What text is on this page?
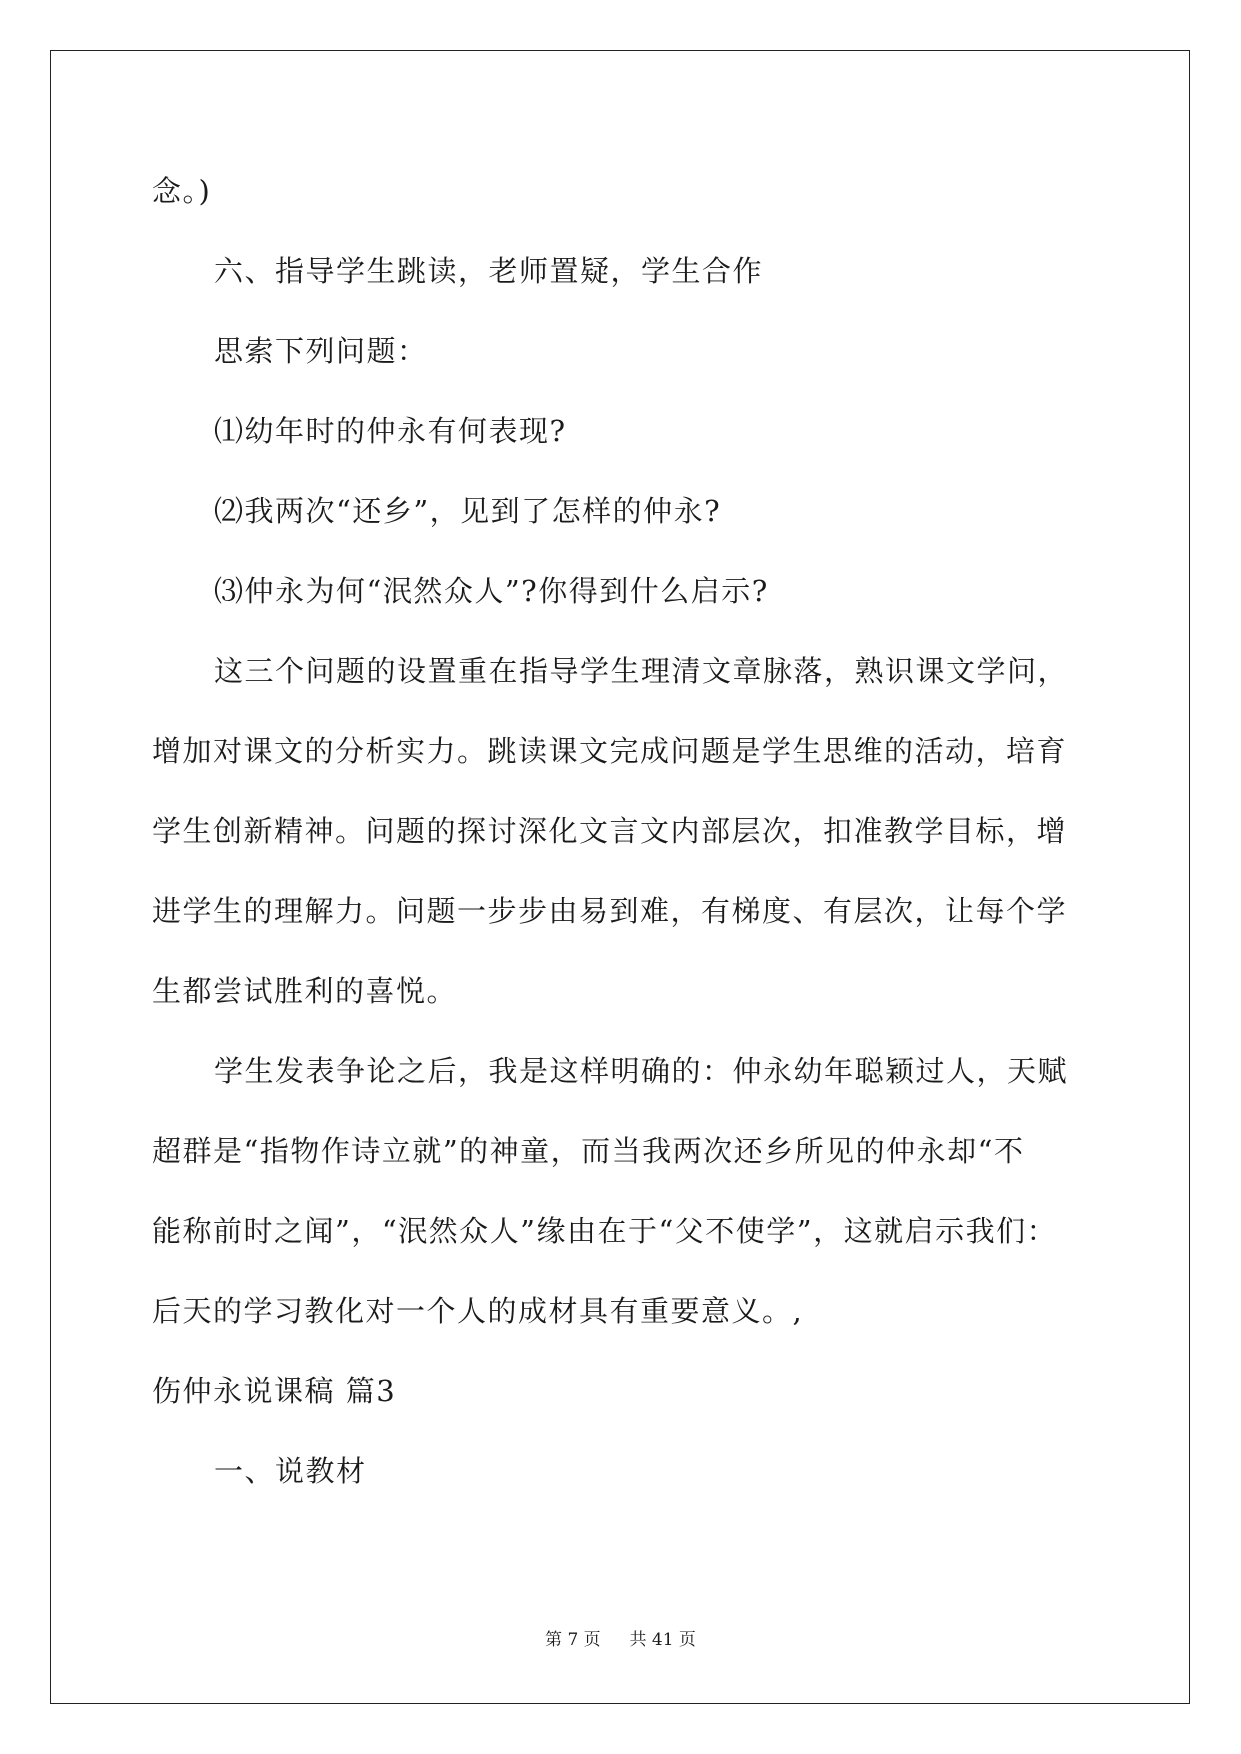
念。)
六、指导学生跳读，老师置疑，学生合作
思索下列问题：
⑴幼年时的仲永有何表现?
⑵我两次“还乡”，见到了怎样的仲永?
⑶仲永为何“泯然众人”?你得到什么启示?
这三个问题的设置重在指导学生理清文章脉落，熟识课文学问，
增加对课文的分析实力。跳读课文完成问题是学生思维的活动，培育
学生创新精神。问题的探讨深化文言文内部层次，扣准教学目标，增
进学生的理解力。问题一步步由易到难，有梯度、有层次，让每个学
生都尝试胜利的喜悦。
学生发表争论之后，我是这样明确的：仲永幼年聪颖过人，天赋
超群是“指物作诗立就”的神童，而当我两次还乡所见的仲永却“不
能称前时之闻”，“泯然众人”缘由在于“父不使学”，这就启示我们：
后天的学习教化对一个人的成材具有重要意义。,
伤仲永说课稿 篇3
一、说教材
第 7 页 共 41 页
